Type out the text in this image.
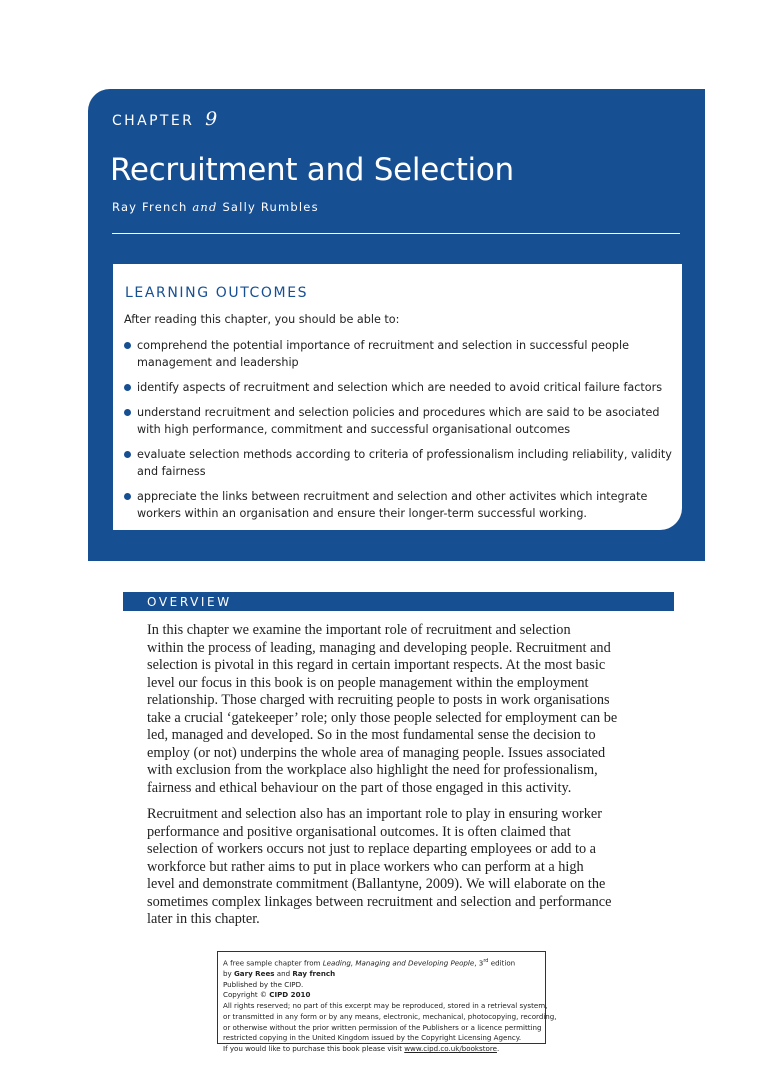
CHAPTER 9
Recruitment and Selection
Ray French and Sally Rumbles
LEARNING OUTCOMES
After reading this chapter, you should be able to:
comprehend the potential importance of recruitment and selection in successful people
management and leadership
identify aspects of recruitment and selection which are needed to avoid critical failure factors
understand recruitment and selection policies and procedures which are said to be asociated
with high performance, commitment and successful organisational outcomes
evaluate selection methods according to criteria of professionalism including reliability, validity
and fairness
appreciate the links between recruitment and selection and other activites which integrate
workers within an organisation and ensure their longer-term successful working.
OVERVIEW

In this chapter we examine the important role of recruitment and selection
within the process of leading, managing and developing people. Recruitment and
selection is pivotal in this regard in certain important respects. At the most basic
level our focus in this book is on people management within the employment
relationship. Those charged with recruiting people to posts in work organisations
take a crucial ‘gatekeeper’ role; only those people selected for employment can be
led, managed and developed. So in the most fundamental sense the decision to
employ (or not) underpins the whole area of managing people. Issues associated
with exclusion from the workplace also highlight the need for professionalism,
fairness and ethical behaviour on the part of those engaged in this activity.

Recruitment and selection also has an important role to play in ensuring worker
performance and positive organisational outcomes. It is often claimed that
selection of workers occurs not just to replace departing employees or add to a
workforce but rather aims to put in place workers who can perform at a high
level and demonstrate commitment (Ballantyne, 2009). We will elaborate on the
sometimes complex linkages between recruitment and selection and performance
later in this chapter.

A free sample chapter from Leading, Managing and Developing People, 3rd edition
by Gary Rees and Ray french
Published by the CIPD.
Copyright © CIPD 2010
All rights reserved; no part of this excerpt may be reproduced, stored in a retrieval system,
or transmitted in any form or by any means, electronic, mechanical, photocopying, recording,
or otherwise without the prior written permission of the Publishers or a licence permitting
restricted copying in the United Kingdom issued by the Copyright Licensing Agency.
If you would like to purchase this book please visit www.cipd.co.uk/bookstore.
